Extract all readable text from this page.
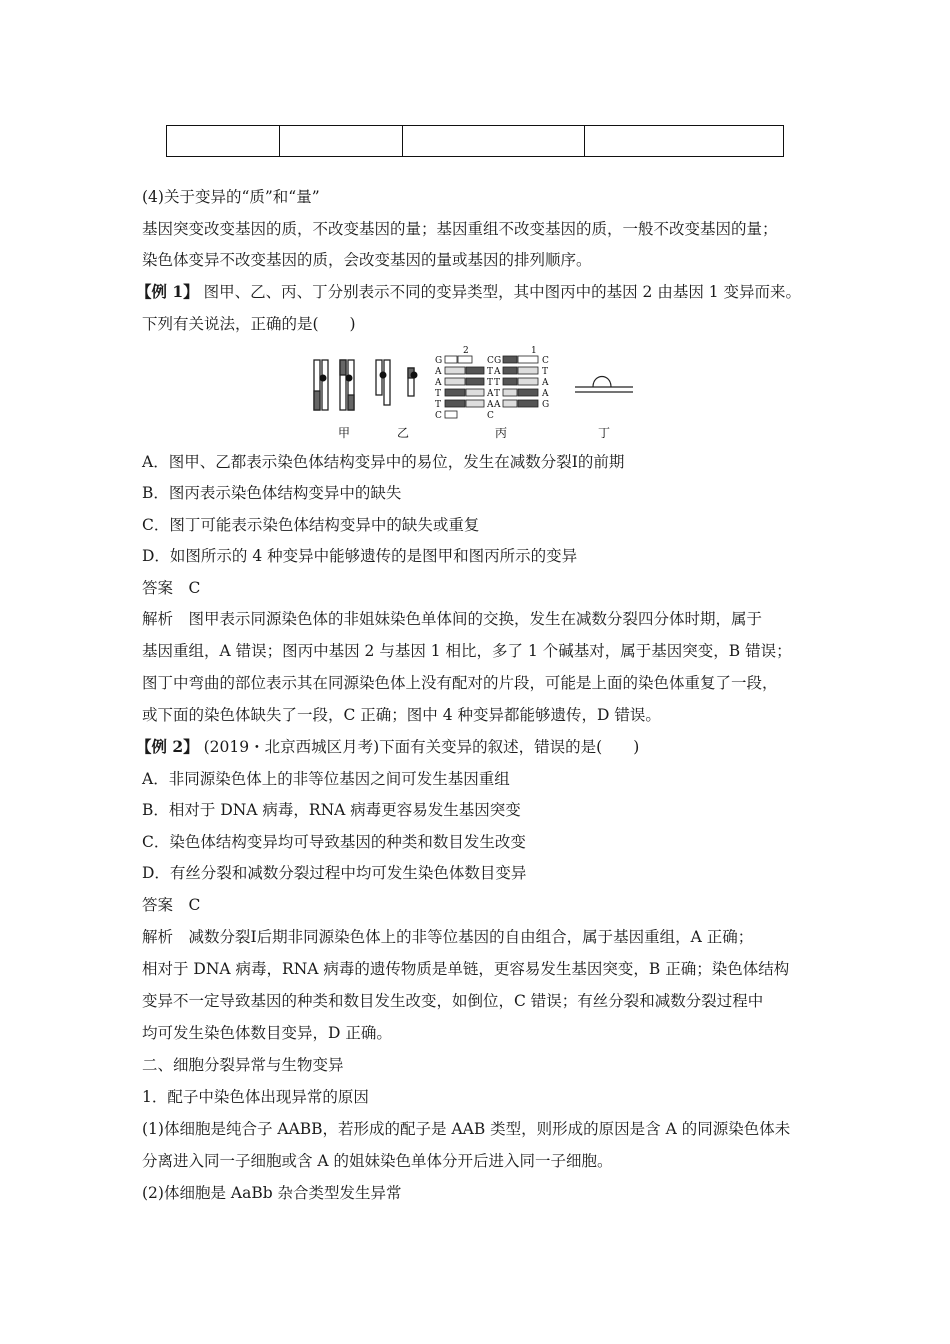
(4)关于变异的“质”和“量”
基因突变改变基因的质，不改变基因的量；基因重组不改变基因的质，一般不改变基因的量；
染色体变异不改变基因的质，会改变基因的量或基因的排列顺序。
【例 1】 图甲、乙、丙、丁分别表示不同的变异类型，其中图丙中的基因 2 由基因 1 变异而来。
下列有关说法，正确的是(　　)
2	1
G
A
A
T
T
C
C G
T A
T T
A T
A A
C
C
T
A
A
G
甲	乙	丙	丁
A．图甲、乙都表示染色体结构变异中的易位，发生在减数分裂Ⅰ的前期
B．图丙表示染色体结构变异中的缺失
C．图丁可能表示染色体结构变异中的缺失或重复
D．如图所示的 4 种变异中能够遗传的是图甲和图丙所示的变异
答案　C
解析　图甲表示同源染色体的非姐妹染色单体间的交换，发生在减数分裂四分体时期，属于
基因重组，A 错误；图丙中基因 2 与基因 1 相比，多了 1 个碱基对，属于基因突变，B 错误；
图丁中弯曲的部位表示其在同源染色体上没有配对的片段，可能是上面的染色体重复了一段，
或下面的染色体缺失了一段，C 正确；图中 4 种变异都能够遗传，D 错误。
【例 2】 (2019・北京西城区月考)下面有关变异的叙述，错误的是(　　)
A．非同源染色体上的非等位基因之间可发生基因重组
B．相对于 DNA 病毒，RNA 病毒更容易发生基因突变
C．染色体结构变异均可导致基因的种类和数目发生改变
D．有丝分裂和减数分裂过程中均可发生染色体数目变异
答案　C
解析　减数分裂Ⅰ后期非同源染色体上的非等位基因的自由组合，属于基因重组，A 正确；
相对于 DNA 病毒，RNA 病毒的遗传物质是单链，更容易发生基因突变，B 正确；染色体结构
变异不一定导致基因的种类和数目发生改变，如倒位，C 错误；有丝分裂和减数分裂过程中
均可发生染色体数目变异，D 正确。
二、细胞分裂异常与生物变异
1．配子中染色体出现异常的原因
(1)体细胞是纯合子 AABB，若形成的配子是 AAB 类型，则形成的原因是含 A 的同源染色体未
分离进入同一子细胞或含 A 的姐妹染色单体分开后进入同一子细胞。
(2)体细胞是 AaBb 杂合类型发生异常
